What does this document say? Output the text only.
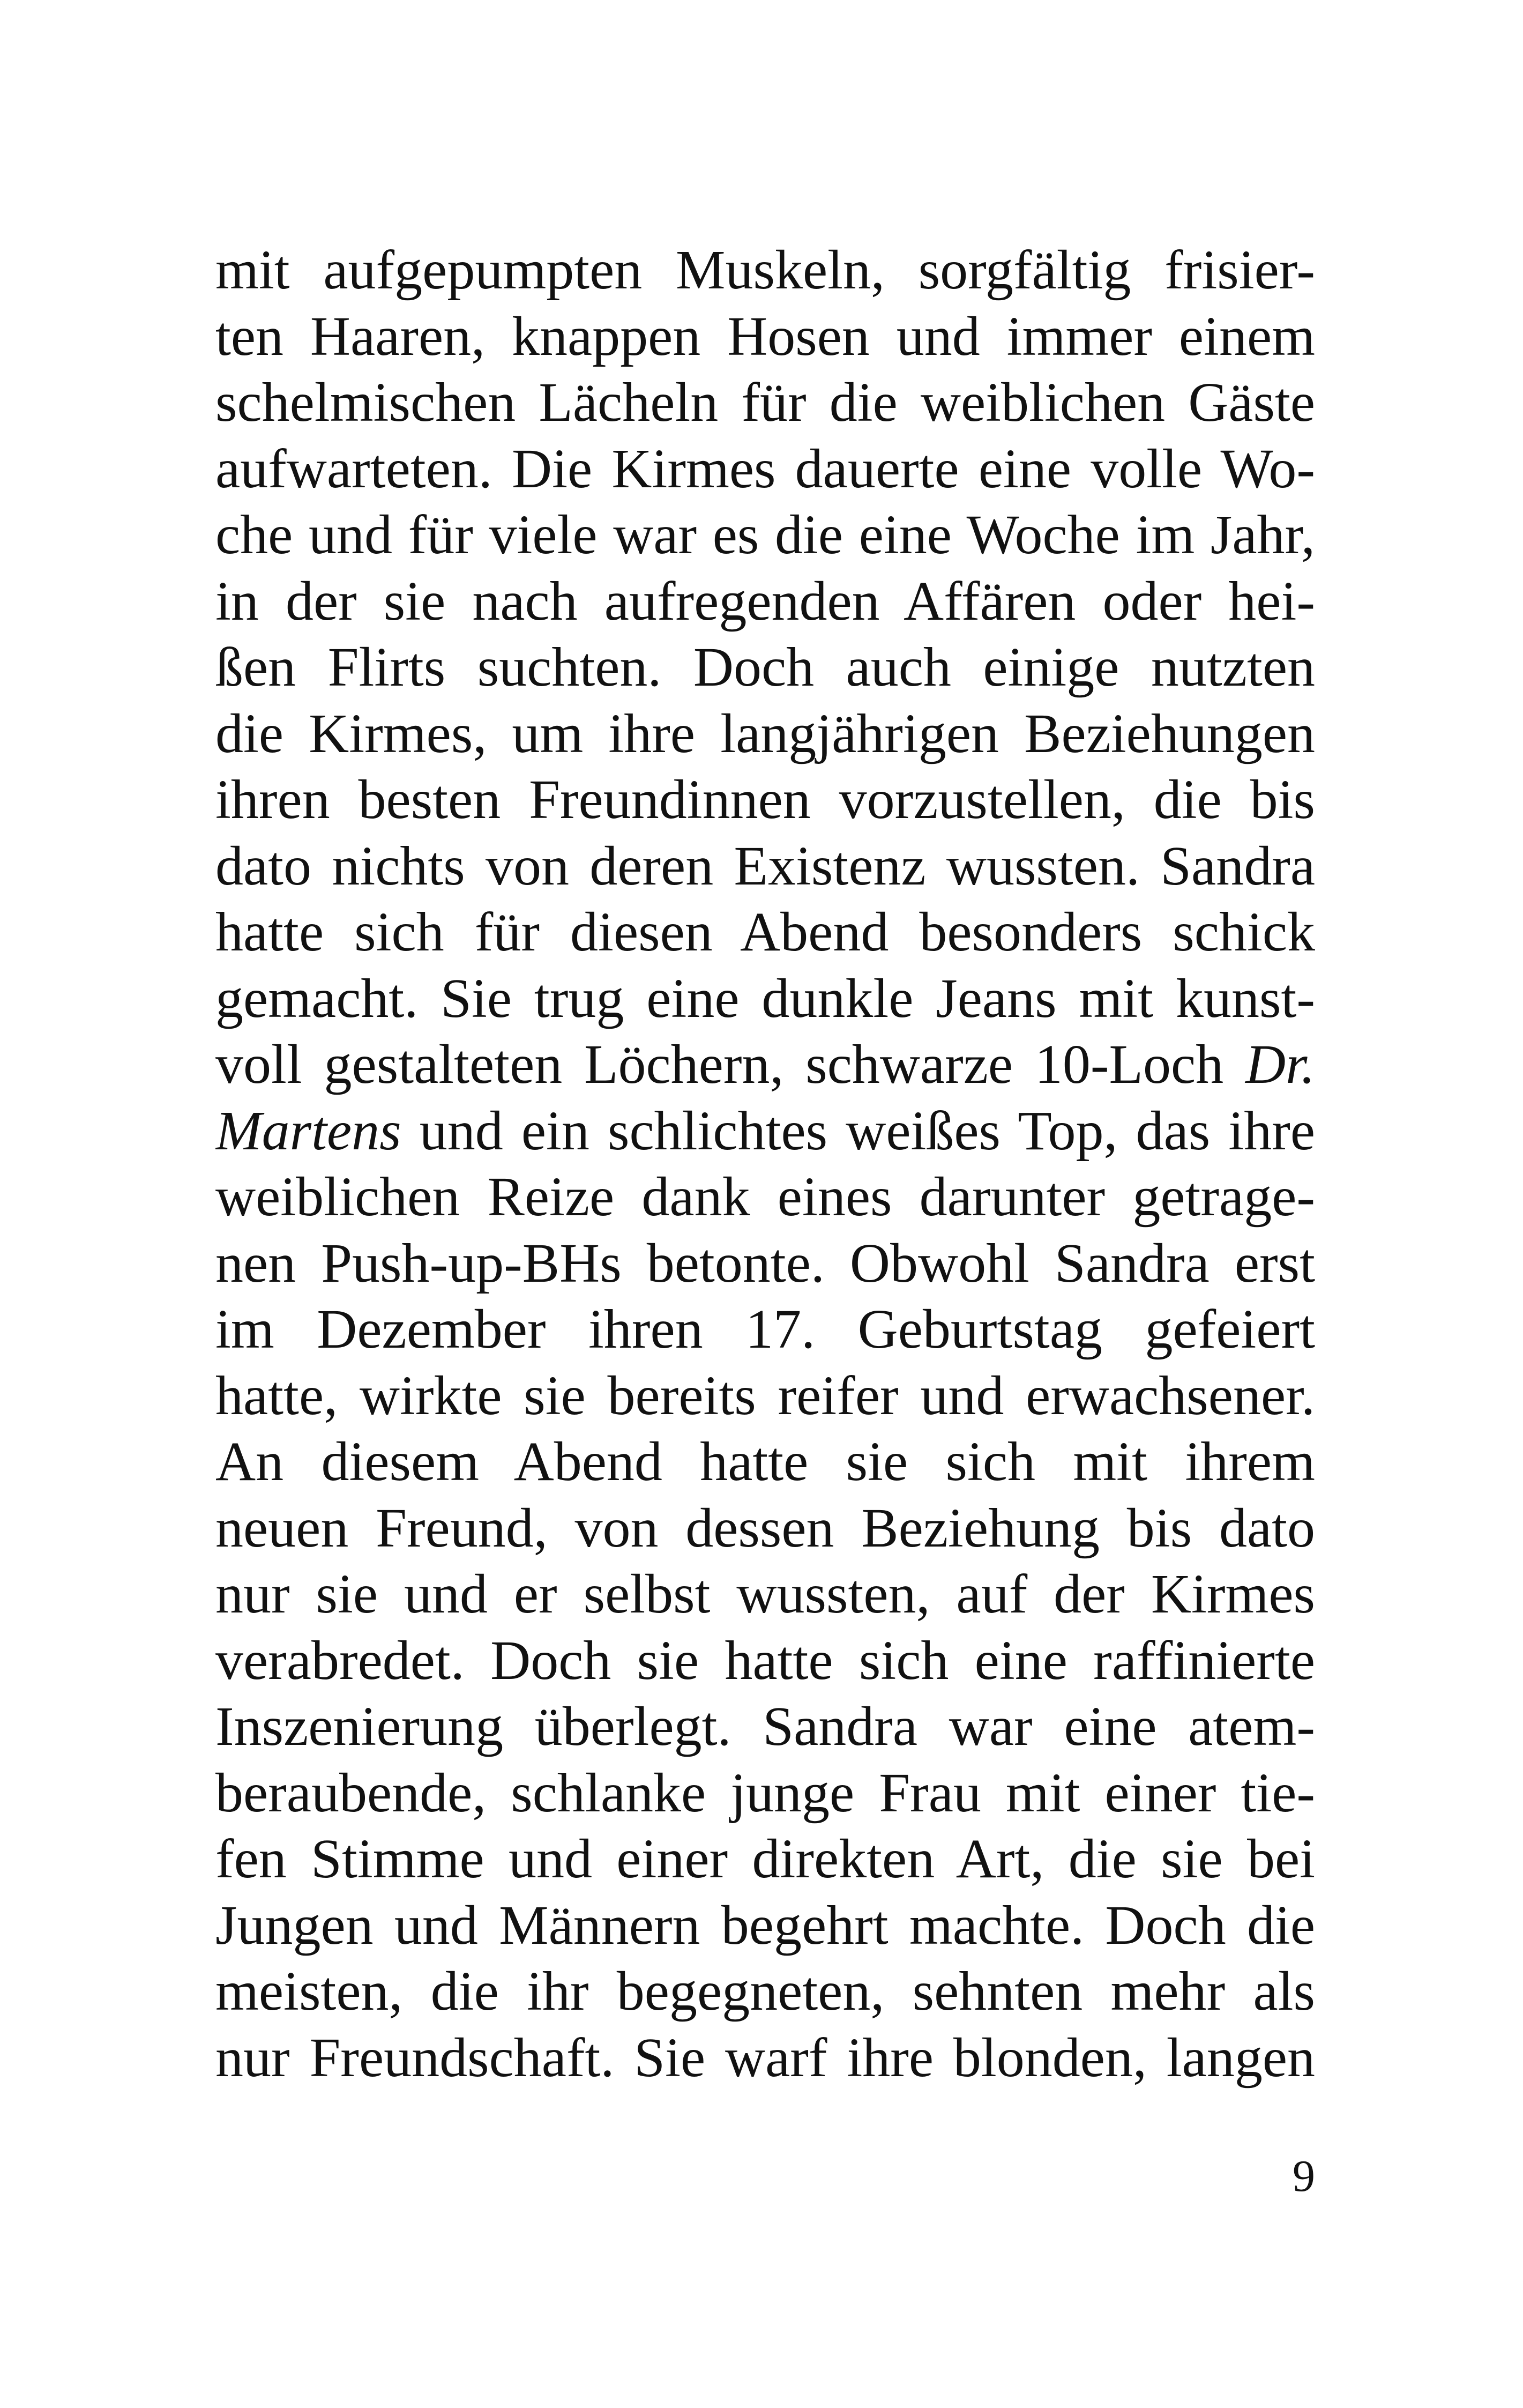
mit aufgepumpten Muskeln, sorgfältig frisier-
ten Haaren, knappen Hosen und immer einem
schelmischen Lächeln für die weiblichen Gäste
aufwarteten. Die Kirmes dauerte eine volle Wo-
che und für viele war es die eine Woche im Jahr,
in der sie nach aufregenden Affären oder hei-
ßen Flirts suchten. Doch auch einige nutzten
die Kirmes, um ihre langjährigen Beziehungen
ihren besten Freundinnen vorzustellen, die bis
dato nichts von deren Existenz wussten. Sandra
hatte sich für diesen Abend besonders schick
gemacht. Sie trug eine dunkle Jeans mit kunst-
voll gestalteten Löchern, schwarze 10-Loch Dr.
Martens und ein schlichtes weißes Top, das ihre
weiblichen Reize dank eines darunter getrage-
nen Push-up-BHs betonte. Obwohl Sandra erst
im Dezember ihren 17. Geburtstag gefeiert
hatte, wirkte sie bereits reifer und erwachsener.
An diesem Abend hatte sie sich mit ihrem
neuen Freund, von dessen Beziehung bis dato
nur sie und er selbst wussten, auf der Kirmes
verabredet. Doch sie hatte sich eine raffinierte
Inszenierung überlegt. Sandra war eine atem-
beraubende, schlanke junge Frau mit einer tie-
fen Stimme und einer direkten Art, die sie bei
Jungen und Männern begehrt machte. Doch die
meisten, die ihr begegneten, sehnten mehr als
nur Freundschaft. Sie warf ihre blonden, langen
9
